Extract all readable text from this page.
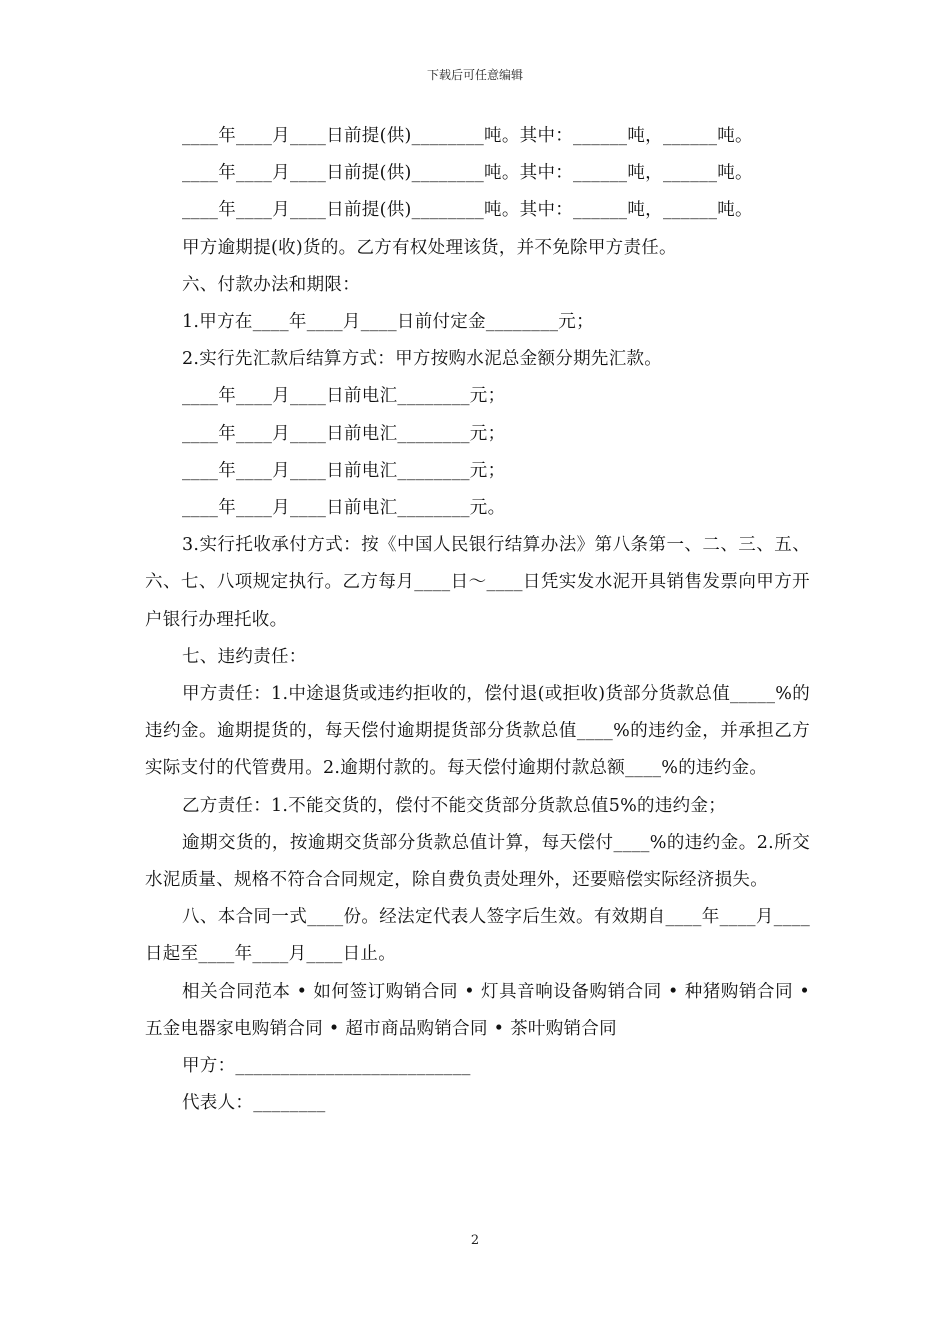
下载后可任意编辑

____年____月____日前提(供)________吨。其中：______吨，______吨。

____年____月____日前提(供)________吨。其中：______吨，______吨。

____年____月____日前提(供)________吨。其中：______吨，______吨。

甲方逾期提(收)货的。乙方有权处理该货，并不免除甲方责任。

六、付款办法和期限：

1.甲方在____年____月____日前付定金________元；

2.实行先汇款后结算方式：甲方按购水泥总金额分期先汇款。

____年____月____日前电汇________元；

____年____月____日前电汇________元；

____年____月____日前电汇________元；

____年____月____日前电汇________元。

3.实行托收承付方式：按《中国人民银行结算办法》第八条第一、二、三、五、六、七、八项规定执行。乙方每月____日～____日凭实发水泥开具销售发票向甲方开户银行办理托收。

七、违约责任：

甲方责任：1.中途退货或违约拒收的，偿付退(或拒收)货部分货款总值_____%的违约金。逾期提货的，每天偿付逾期提货部分货款总值____%的违约金，并承担乙方实际支付的代管费用。2.逾期付款的。每天偿付逾期付款总额____%的违约金。

乙方责任：1.不能交货的，偿付不能交货部分货款总值5%的违约金；

逾期交货的，按逾期交货部分货款总值计算，每天偿付____%的违约金。2.所交水泥质量、规格不符合合同规定，除自费负责处理外，还要赔偿实际经济损失。

八、本合同一式____份。经法定代表人签字后生效。有效期自____年____月____日起至____年____月____日止。

相关合同范本 • 如何签订购销合同 • 灯具音响设备购销合同 • 种猪购销合同 • 五金电器家电购销合同 • 超市商品购销合同 • 茶叶购销合同

甲方：__________________________

代表人：________

2
